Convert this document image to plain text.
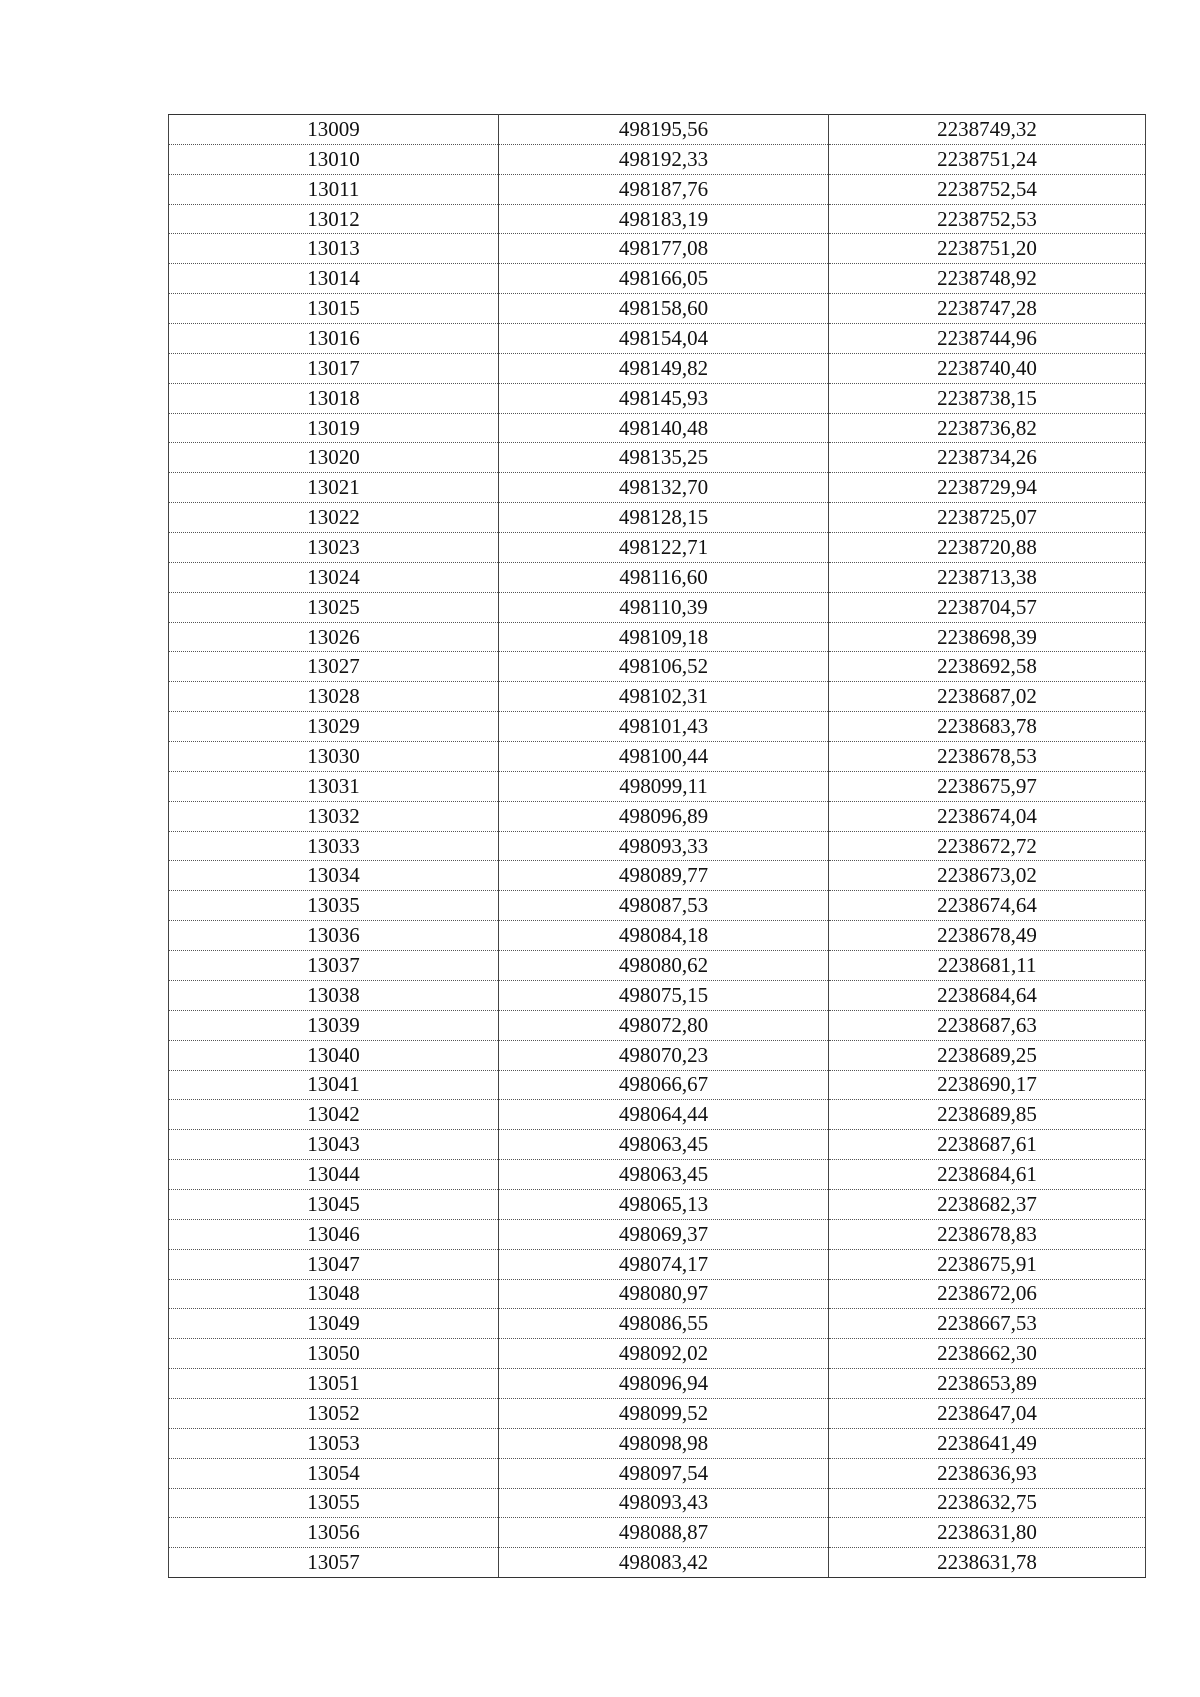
13009	498195,56	2238749,32
13010	498192,33	2238751,24
13011	498187,76	2238752,54
13012	498183,19	2238752,53
13013	498177,08	2238751,20
13014	498166,05	2238748,92
13015	498158,60	2238747,28
13016	498154,04	2238744,96
13017	498149,82	2238740,40
13018	498145,93	2238738,15
13019	498140,48	2238736,82
13020	498135,25	2238734,26
13021	498132,70	2238729,94
13022	498128,15	2238725,07
13023	498122,71	2238720,88
13024	498116,60	2238713,38
13025	498110,39	2238704,57
13026	498109,18	2238698,39
13027	498106,52	2238692,58
13028	498102,31	2238687,02
13029	498101,43	2238683,78
13030	498100,44	2238678,53
13031	498099,11	2238675,97
13032	498096,89	2238674,04
13033	498093,33	2238672,72
13034	498089,77	2238673,02
13035	498087,53	2238674,64
13036	498084,18	2238678,49
13037	498080,62	2238681,11
13038	498075,15	2238684,64
13039	498072,80	2238687,63
13040	498070,23	2238689,25
13041	498066,67	2238690,17
13042	498064,44	2238689,85
13043	498063,45	2238687,61
13044	498063,45	2238684,61
13045	498065,13	2238682,37
13046	498069,37	2238678,83
13047	498074,17	2238675,91
13048	498080,97	2238672,06
13049	498086,55	2238667,53
13050	498092,02	2238662,30
13051	498096,94	2238653,89
13052	498099,52	2238647,04
13053	498098,98	2238641,49
13054	498097,54	2238636,93
13055	498093,43	2238632,75
13056	498088,87	2238631,80
13057	498083,42	2238631,78
